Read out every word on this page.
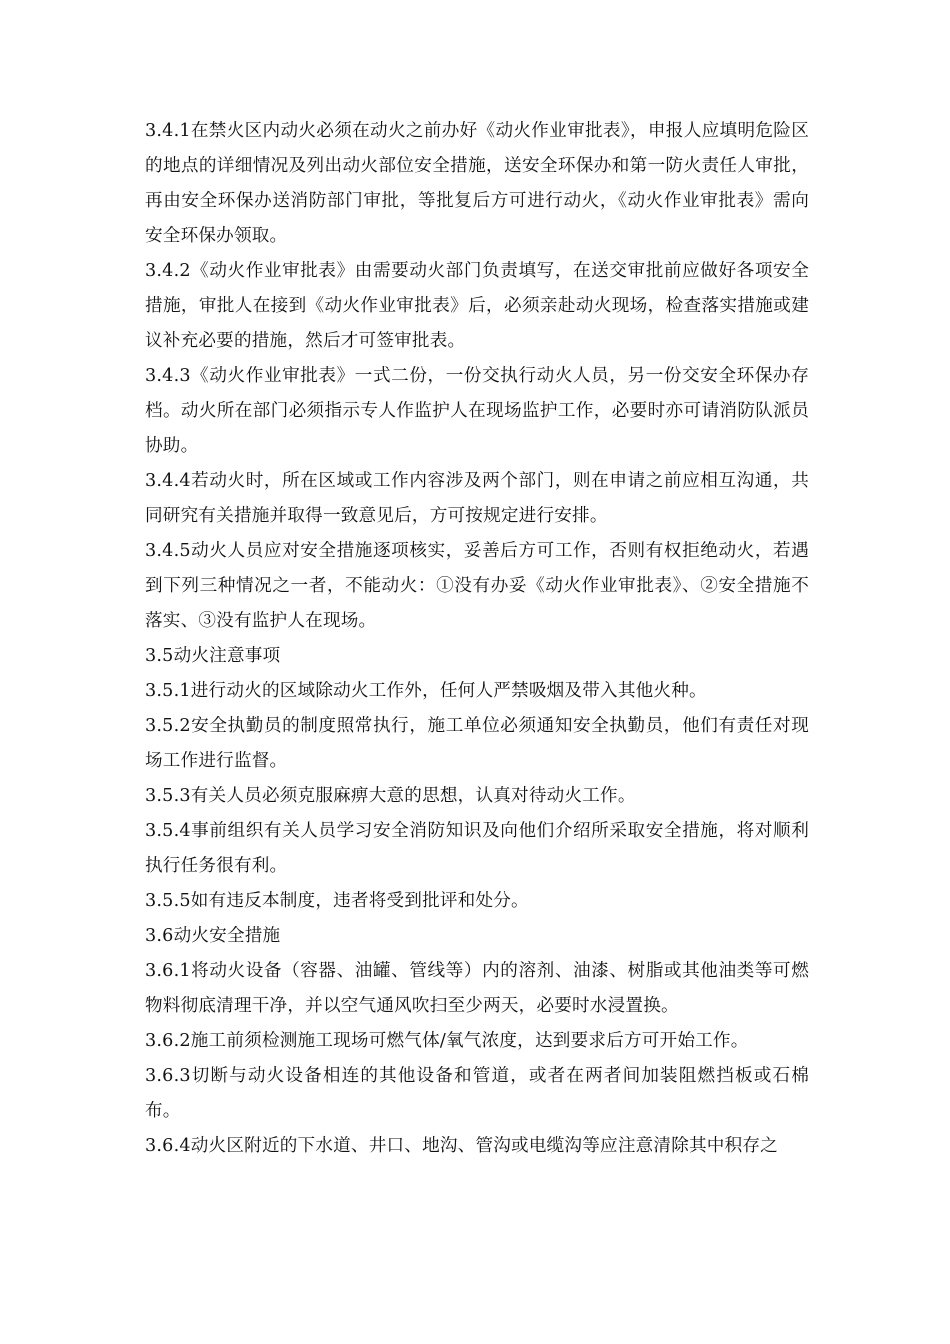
3.4.1在禁火区内动火必须在动火之前办好《动火作业审批表》，申报人应填明危险区的地点的详细情况及列出动火部位安全措施，送安全环保办和第一防火责任人审批，再由安全环保办送消防部门审批，等批复后方可进行动火，《动火作业审批表》需向安全环保办领取。

3.4.2《动火作业审批表》由需要动火部门负责填写，在送交审批前应做好各项安全措施，审批人在接到《动火作业审批表》后，必须亲赴动火现场，检查落实措施或建议补充必要的措施，然后才可签审批表。

3.4.3《动火作业审批表》一式二份，一份交执行动火人员，另一份交安全环保办存档。动火所在部门必须指示专人作监护人在现场监护工作，必要时亦可请消防队派员协助。

3.4.4若动火时，所在区域或工作内容涉及两个部门，则在申请之前应相互沟通，共同研究有关措施并取得一致意见后，方可按规定进行安排。

3.4.5动火人员应对安全措施逐项核实，妥善后方可工作，否则有权拒绝动火，若遇到下列三种情况之一者，不能动火：①没有办妥《动火作业审批表》、②安全措施不落实、③没有监护人在现场。

3.5动火注意事项

3.5.1进行动火的区域除动火工作外，任何人严禁吸烟及带入其他火种。

3.5.2安全执勤员的制度照常执行，施工单位必须通知安全执勤员，他们有责任对现场工作进行监督。

3.5.3有关人员必须克服麻痹大意的思想，认真对待动火工作。

3.5.4事前组织有关人员学习安全消防知识及向他们介绍所采取安全措施，将对顺利执行任务很有利。

3.5.5如有违反本制度，违者将受到批评和处分。

3.6动火安全措施

3.6.1将动火设备（容器、油罐、管线等）内的溶剂、油漆、树脂或其他油类等可燃物料彻底清理干净，并以空气通风吹扫至少两天，必要时水浸置换。

3.6.2施工前须检测施工现场可燃气体/氧气浓度，达到要求后方可开始工作。

3.6.3切断与动火设备相连的其他设备和管道，或者在两者间加装阻燃挡板或石棉布。

3.6.4动火区附近的下水道、井口、地沟、管沟或电缆沟等应注意清除其中积存之
